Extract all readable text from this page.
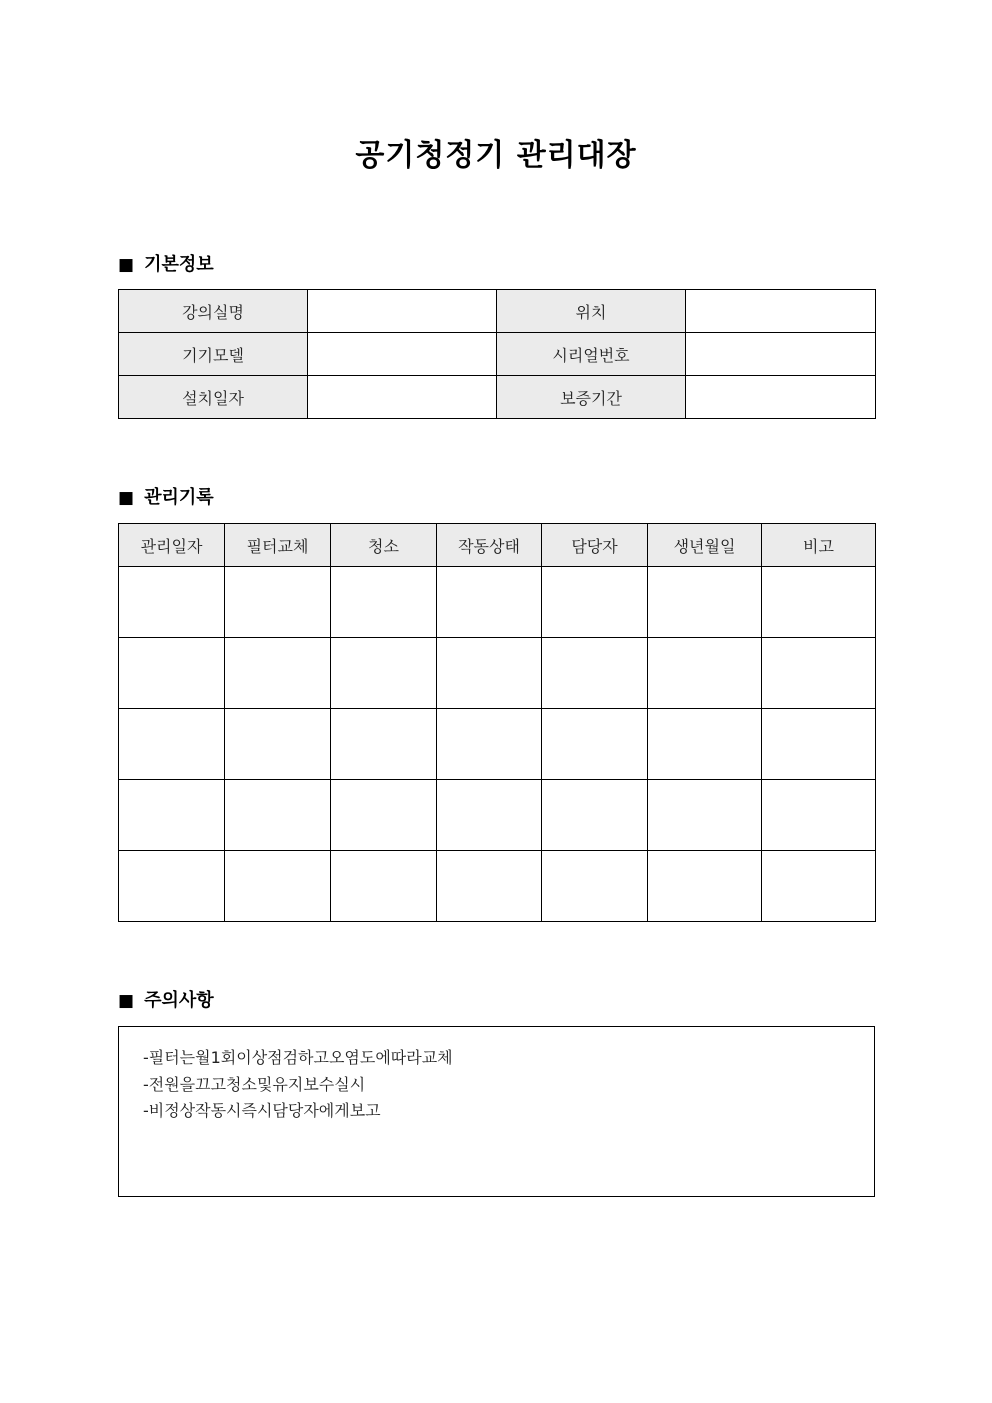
공기청정기 관리대장
■ 기본정보
강의실명		위치	
기기모델		시리얼번호	
설치일자		보증기간	
■ 관리기록
관리일자	필터교체	청소	작동상태	담당자	생년월일	비고

■ 주의사항
-필터는월1회이상점검하고오염도에따라교체
-전원을끄고청소및유지보수실시
-비정상작동시즉시담당자에게보고
